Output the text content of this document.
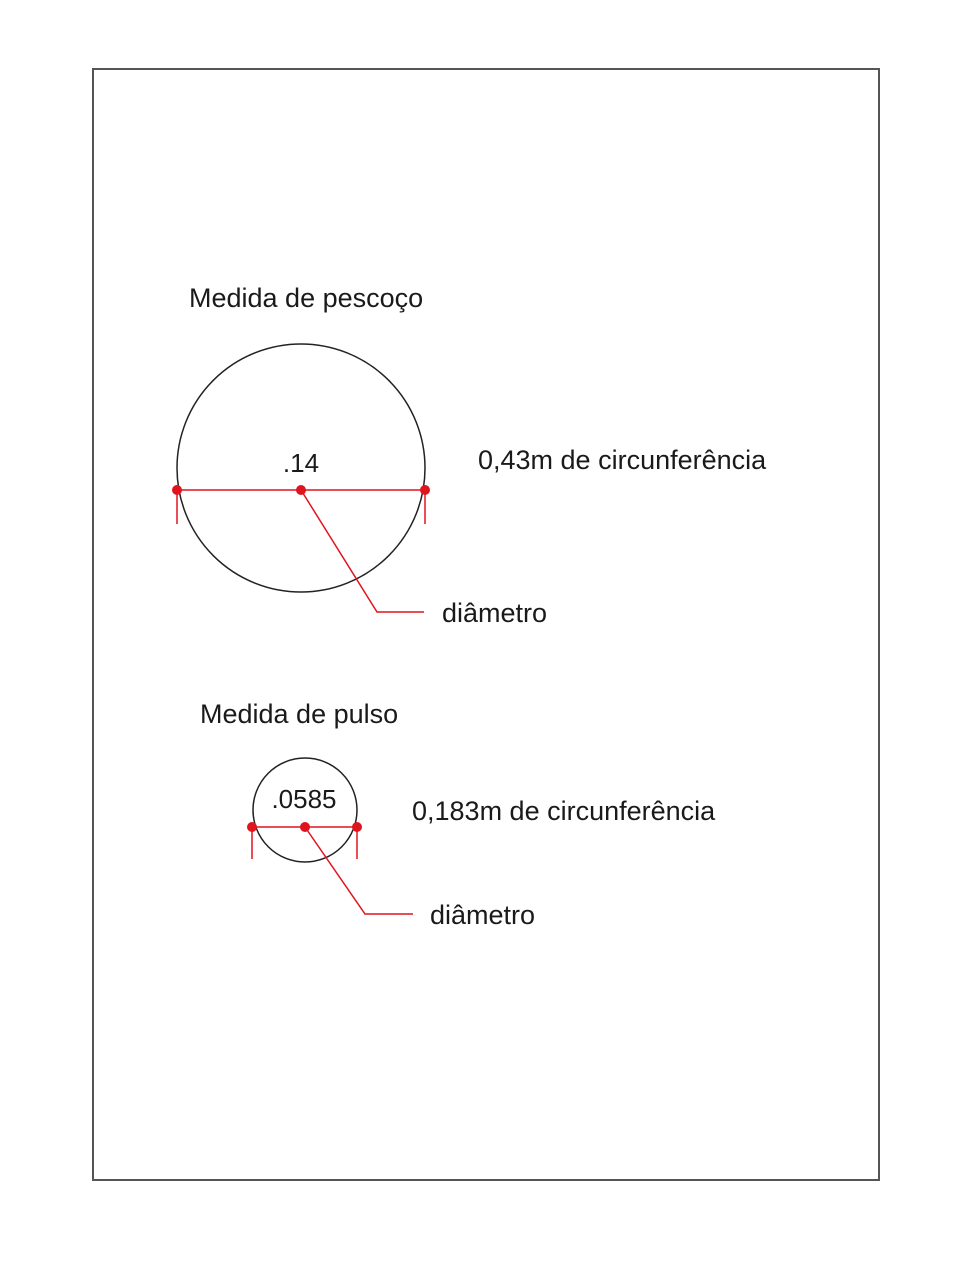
Medida de pescoço
.14	0,43m de circunferência
diâmetro
Medida de pulso
.0585	0,183m de circunferência
diâmetro
